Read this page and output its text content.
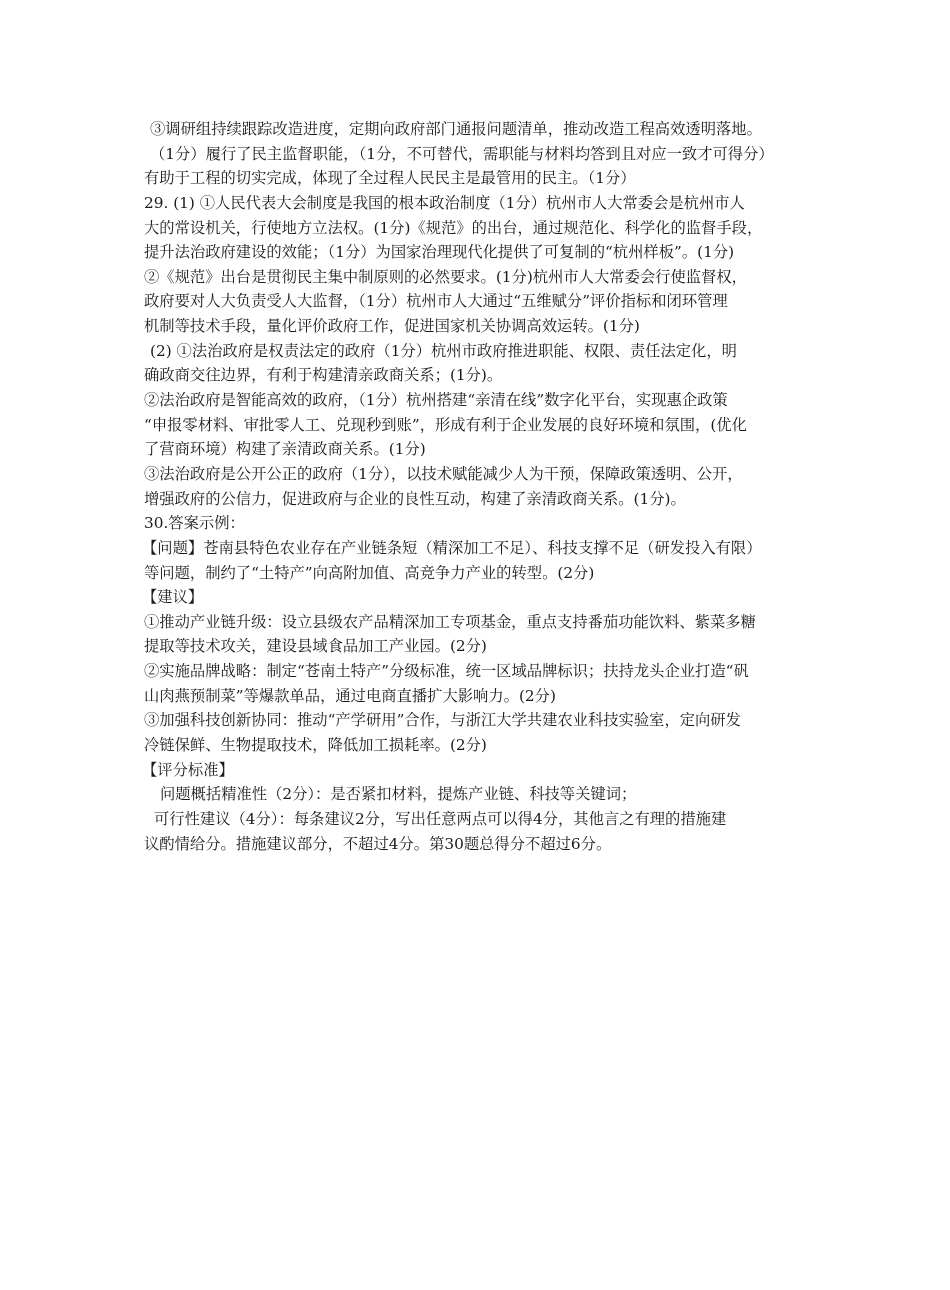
③调研组持续跟踪改造进度，定期向政府部门通报问题清单，推动改造工程高效透明落地。
（1分）履行了民主监督职能，（1分，不可替代，需职能与材料均答到且对应一致才可得分）
有助于工程的切实完成，体现了全过程人民民主是最管用的民主。（1分）
29. (1) ①人民代表大会制度是我国的根本政治制度（1分）杭州市人大常委会是杭州市人
大的常设机关，行使地方立法权。(1分)《规范》的出台，通过规范化、科学化的监督手段，
提升法治政府建设的效能；（1分）为国家治理现代化提供了可复制的“杭州样板”。(1分)
②《规范》出台是贯彻民主集中制原则的必然要求。(1分)杭州市人大常委会行使监督权，
政府要对人大负责受人大监督，（1分）杭州市人大通过“五维赋分”评价指标和闭环管理
机制等技术手段，量化评价政府工作，促进国家机关协调高效运转。(1分)
(2) ①法治政府是权责法定的政府（1分）杭州市政府推进职能、权限、责任法定化，明
确政商交往边界，有利于构建清亲政商关系；(1分)。
②法治政府是智能高效的政府，（1分）杭州搭建“亲清在线”数字化平台，实现惠企政策
“申报零材料、审批零人工、兑现秒到账”，形成有利于企业发展的良好环境和氛围，(优化
了营商环境）构建了亲清政商关系。(1分)
③法治政府是公开公正的政府（1分），以技术赋能减少人为干预，保障政策透明、公开，
增强政府的公信力，促进政府与企业的良性互动，构建了亲清政商关系。(1分)。
30.答案示例：
【问题】苍南县特色农业存在产业链条短（精深加工不足）、科技支撑不足（研发投入有限）
等问题，制约了“土特产”向高附加值、高竞争力产业的转型。(2分)
【建议】
①推动产业链升级：设立县级农产品精深加工专项基金，重点支持番茄功能饮料、紫菜多糖
提取等技术攻关，建设县域食品加工产业园。(2分)
②实施品牌战略：制定“苍南土特产”分级标准，统一区域品牌标识；扶持龙头企业打造“矾
山肉燕预制菜”等爆款单品，通过电商直播扩大影响力。(2分)
③加强科技创新协同：推动“产学研用”合作，与浙江大学共建农业科技实验室，定向研发
冷链保鲜、生物提取技术，降低加工损耗率。(2分)
【评分标准】
问题概括精准性（2分）：是否紧扣材料，提炼产业链、科技等关键词；
可行性建议（4分）：每条建议2分，写出任意两点可以得4分，其他言之有理的措施建
议酌情给分。措施建议部分，不超过4分。第30题总得分不超过6分。
